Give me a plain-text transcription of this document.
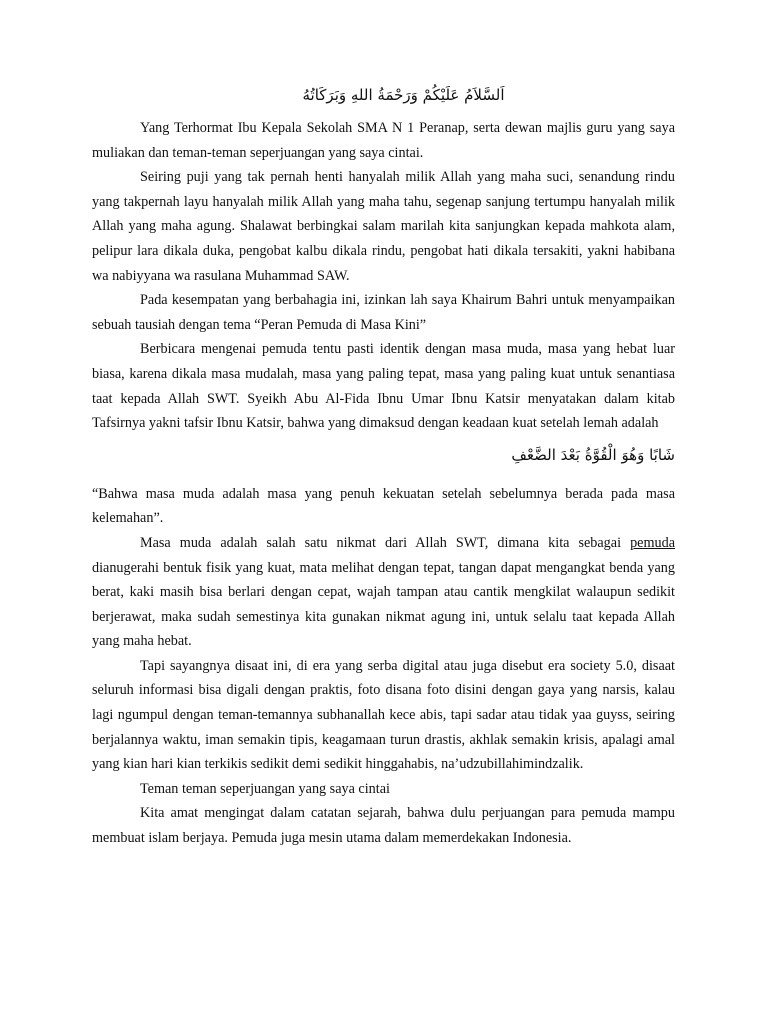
اَلسَّلاَمُ عَلَيْكُمْ وَرَحْمَةُ اللهِ وَبَرَكَاتُهُ

Yang Terhormat Ibu Kepala Sekolah SMA N 1 Peranap, serta dewan majlis guru yang saya muliakan dan teman-teman seperjuangan yang saya cintai.

Seiring puji yang tak pernah henti hanyalah milik Allah yang maha suci, senandung rindu yang takpernah layu hanyalah milik Allah yang maha tahu, segenap sanjung tertumpu hanyalah milik Allah yang maha agung. Shalawat berbingkai salam marilah kita sanjungkan kepada mahkota alam, pelipur lara dikala duka, pengobat kalbu dikala rindu, pengobat hati dikala tersakiti, yakni habibana wa nabiyyana wa rasulana Muhammad SAW.

Pada kesempatan yang berbahagia ini, izinkan lah saya Khairum Bahri untuk menyampaikan sebuah tausiah dengan tema “Peran Pemuda di Masa Kini”

Berbicara mengenai pemuda tentu pasti identik dengan masa muda, masa yang hebat luar biasa, karena dikala masa mudalah, masa yang paling tepat, masa yang paling kuat untuk senantiasa taat kepada Allah SWT. Syeikh Abu Al-Fida Ibnu Umar Ibnu Katsir menyatakan dalam kitab Tafsirnya yakni tafsir Ibnu Katsir, bahwa yang dimaksud dengan keadaan kuat setelah lemah adalah

شَابًا وَهُوَ الْقُوَّةُ بَعْدَ الضَّعْفِ

“Bahwa masa muda adalah masa yang penuh kekuatan setelah sebelumnya berada pada masa kelemahan”.

Masa muda adalah salah satu nikmat dari Allah SWT, dimana kita sebagai pemuda dianugerahi bentuk fisik yang kuat, mata melihat dengan tepat, tangan dapat mengangkat benda yang berat, kaki masih bisa berlari dengan cepat, wajah tampan atau cantik mengkilat walaupun sedikit berjerawat, maka sudah semestinya kita gunakan nikmat agung ini, untuk selalu taat kepada Allah yang maha hebat.

Tapi sayangnya disaat ini, di era yang serba digital atau juga disebut era society 5.0, disaat seluruh informasi bisa digali dengan praktis, foto disana foto disini dengan gaya yang narsis, kalau lagi ngumpul dengan teman-temannya subhanallah kece abis, tapi sadar atau tidak yaa guyss, seiring berjalannya waktu, iman semakin tipis, keagamaan turun drastis, akhlak semakin krisis, apalagi amal yang kian hari kian terkikis sedikit demi sedikit hinggahabis, na’udzubillahimindzalik.

Teman teman seperjuangan yang saya cintai

Kita amat mengingat dalam catatan sejarah, bahwa dulu perjuangan para pemuda mampu membuat islam berjaya. Pemuda juga mesin utama dalam memerdekakan Indonesia.
